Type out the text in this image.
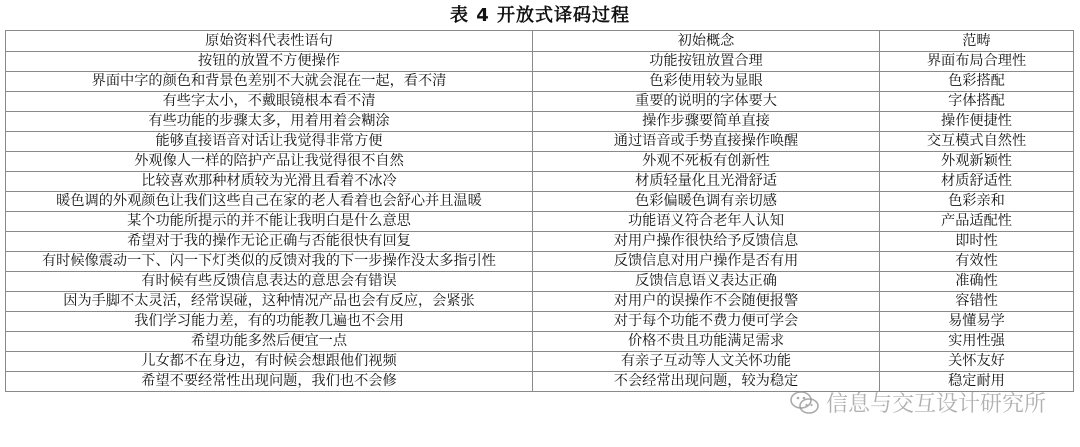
表 4 开放式译码过程
原始资料代表性语句	初始概念	范畴
按钮的放置不方便操作	功能按钮放置合理	界面布局合理性
界面中字的颜色和背景色差别不大就会混在一起，看不清	色彩使用较为显眼	色彩搭配
有些字太小，不戴眼镜根本看不清	重要的说明的字体要大	字体搭配
有些功能的步骤太多，用着用着会糊涂	操作步骤要简单直接	操作便捷性
能够直接语音对话让我觉得非常方便	通过语音或手势直接操作唤醒	交互模式自然性
外观像人一样的陪护产品让我觉得很不自然	外观不死板有创新性	外观新颖性
比较喜欢那种材质较为光滑且看着不冰冷	材质轻量化且光滑舒适	材质舒适性
暖色调的外观颜色让我们这些自己在家的老人看着也会舒心并且温暖	色彩偏暖色调有亲切感	色彩亲和
某个功能所提示的并不能让我明白是什么意思	功能语义符合老年人认知	产品适配性
希望对于我的操作无论正确与否能很快有回复	对用户操作很快给予反馈信息	即时性
有时候像震动一下、闪一下灯类似的反馈对我的下一步操作没太多指引性	反馈信息对用户操作是否有用	有效性
有时候有些反馈信息表达的意思会有错误	反馈信息语义表达正确	准确性
因为手脚不太灵活，经常误碰，这种情况产品也会有反应，会紧张	对用户的误操作不会随便报警	容错性
我们学习能力差，有的功能教几遍也不会用	对于每个功能不费力便可学会	易懂易学
希望功能多然后便宜一点	价格不贵且功能满足需求	实用性强
儿女都不在身边，有时候会想跟他们视频	有亲子互动等人文关怀功能	关怀友好
希望不要经常性出现问题，我们也不会修	不会经常出现问题，较为稳定	稳定耐用
信息与交互设计研究所
